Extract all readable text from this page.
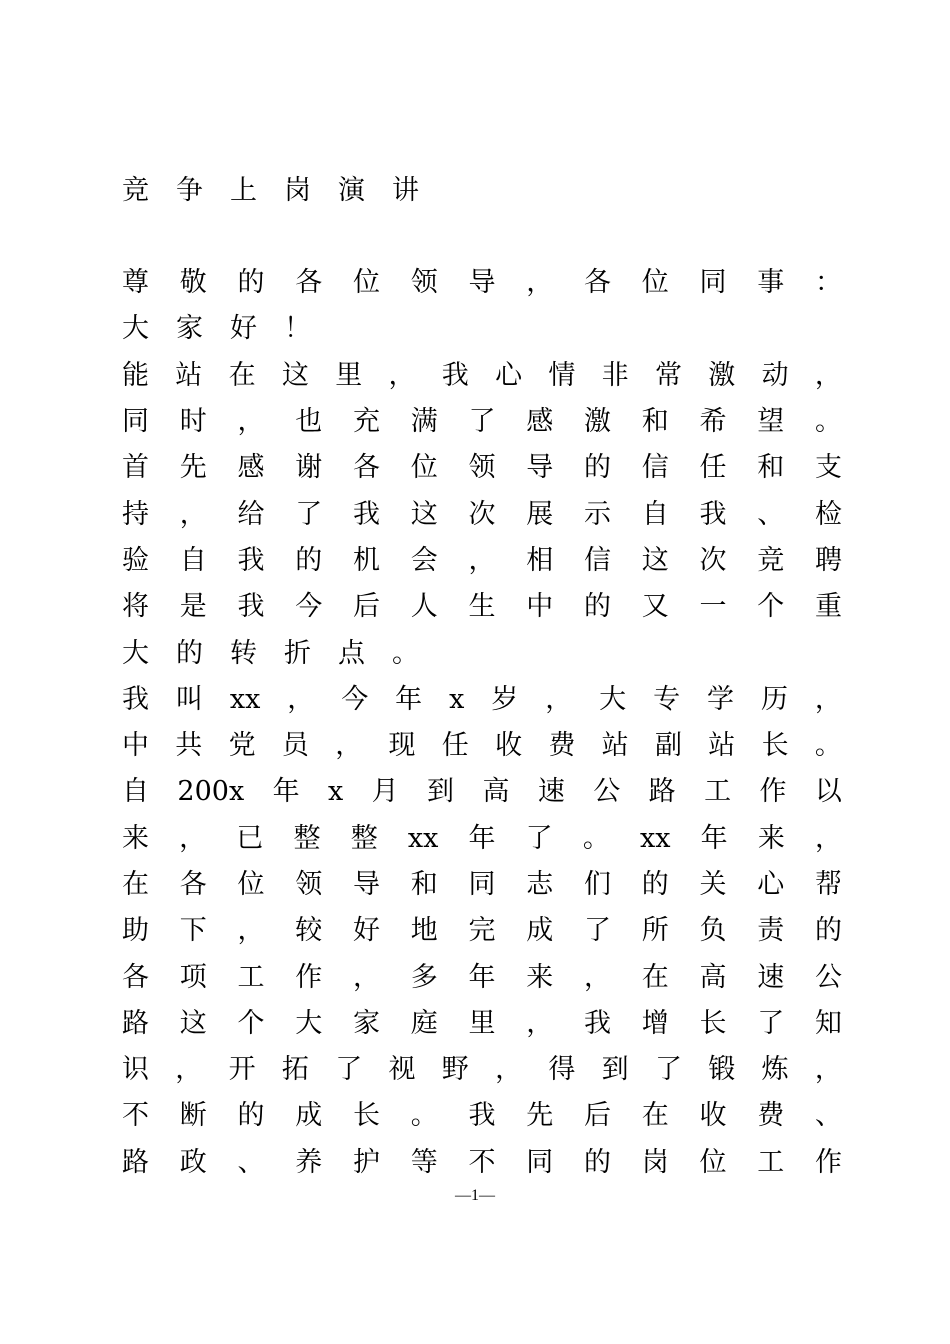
竞争上岗演讲
尊 敬 的 各 位 领 导 ， 各 位 同 事 ：
大 家 好 ！
能 站 在 这 里 ， 我 心 情 非 常 激 动 ，
同 时 ， 也 充 满 了 感 激 和 希 望 。
首 先 感 谢 各 位 领 导 的 信 任 和 支
持 ， 给 了 我 这 次 展 示 自 我 、 检
验 自 我 的 机 会 ， 相 信 这 次 竞 聘
将 是 我 今 后 人 生 中 的 又 一 个 重
大 的 转 折 点 。
我 叫 xx ， 今 年 x 岁 ， 大 专 学 历 ，
中 共 党 员 ， 现 任 收 费 站 副 站 长 。
自 200x 年 x 月 到 高 速 公 路 工 作 以
来 ， 已 整 整 xx 年 了 。 xx 年 来 ，
在 各 位 领 导 和 同 志 们 的 关 心 帮
助 下 ， 较 好 地 完 成 了 所 负 责 的
各 项 工 作 ， 多 年 来 ， 在 高 速 公
路 这 个 大 家 庭 里 ， 我 增 长 了 知
识 ， 开 拓 了 视 野 ， 得 到 了 锻 炼 ，
不 断 的 成 长 。 我 先 后 在 收 费 、
路 政 、 养 护 等 不 同 的 岗 位 工 作
—1—
